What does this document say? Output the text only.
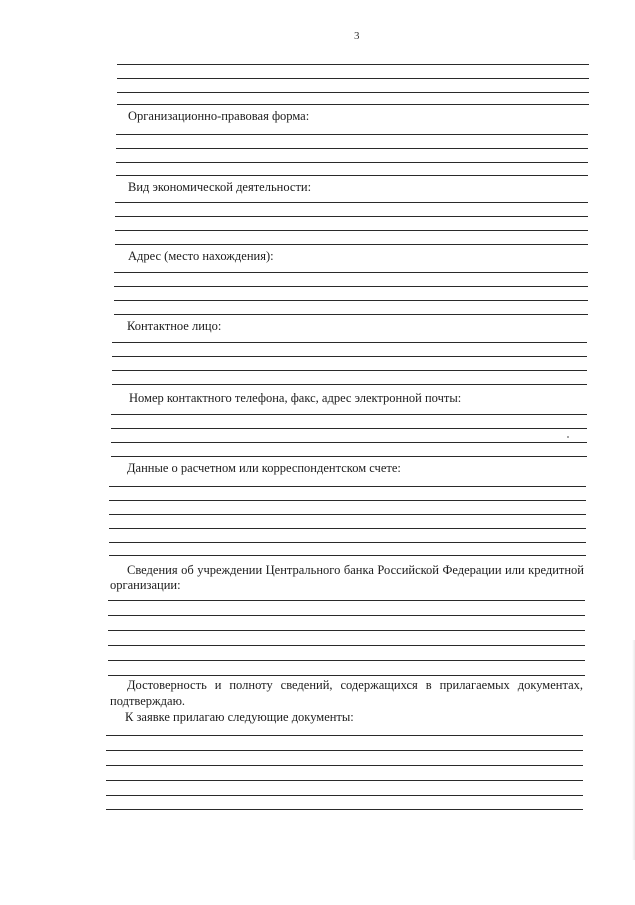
3
Организационно-правовая форма:
Вид экономической деятельности:
Адрес (место нахождения):
Контактное лицо:
Номер контактного телефона, факс, адрес электронной почты:
Данные о расчетном или корреспондентском счете:
Сведения об учреждении Центрального банка Российской Федерации или кредитной
организации:
Достоверность и полноту сведений, содержащихся в прилагаемых документах,
подтверждаю.
К заявке прилагаю следующие документы:
